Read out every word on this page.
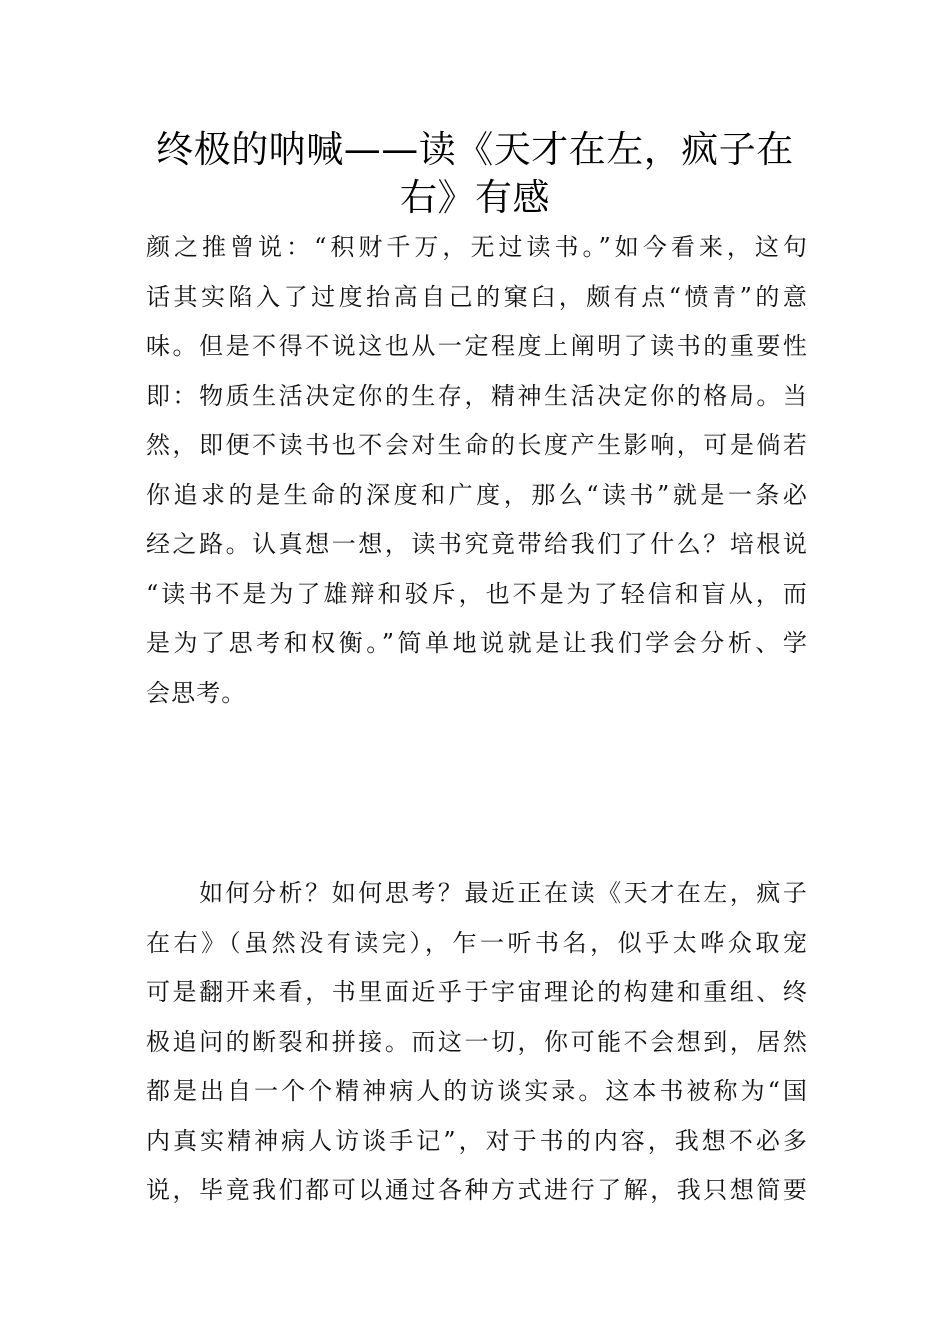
终极的呐喊——读《天才在左，疯子在
右》有感
颜之推曾说：“积财千万，无过读书。”如今看来，这句
话其实陷入了过度抬高自己的窠臼，颇有点“愤青”的意
味。但是不得不说这也从一定程度上阐明了读书的重要性
即：物质生活决定你的生存，精神生活决定你的格局。当
然，即便不读书也不会对生命的长度产生影响，可是倘若
你追求的是生命的深度和广度，那么“读书”就是一条必
经之路。认真想一想，读书究竟带给我们了什么？培根说
“读书不是为了雄辩和驳斥，也不是为了轻信和盲从，而
是为了思考和权衡。”简单地说就是让我们学会分析、学
会思考。
　　如何分析？如何思考？最近正在读《天才在左，疯子
在右》（虽然没有读完），乍一听书名，似乎太哗众取宠
可是翻开来看，书里面近乎于宇宙理论的构建和重组、终
极追问的断裂和拼接。而这一切，你可能不会想到，居然
都是出自一个个精神病人的访谈实录。这本书被称为“国
内真实精神病人访谈手记”，对于书的内容，我想不必多
说，毕竟我们都可以通过各种方式进行了解，我只想简要
